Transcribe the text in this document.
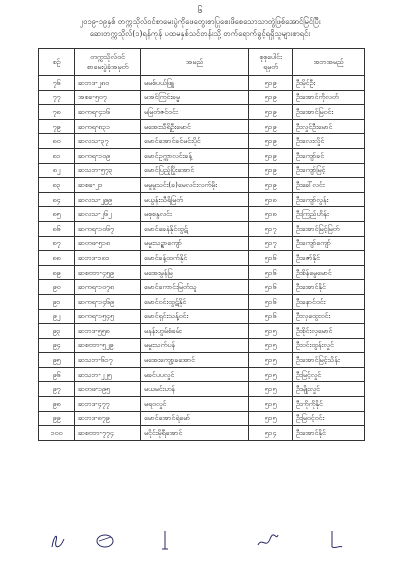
၆
၂၀၁၉-၁၉နှစ် တက္ကသိုလ်ဝင်စာမေးပွဲကိုဖေတွေးစာပြုစေးဖိစေသောသာတွဲဖြစ်အောင်မြင်ပြီး
ဆေးတက္ကသိုလ်(၁)ရန်ကုန် ပထမနှစ်သင်တန်းသို့ တက်ရောက်ခွင့်ရရှိသူများစာရင်း
စဉ်	တက္ကသိုလ်ဝင်
စာမေးပွဲခုံအမှတ်	အမည်	စုစုပေါင်း
ရမှတ်	အဘအမည်
၇၆	ဆဘဒ-၂၈၀	မမစ်ပယ်ဖြူ	၅၁၉	ဦးမိုင်ဦး
၇၇	အစခ-၅၀၇	မအင်ကြင်းခမ္မ	၅၁၉	ဦးအောင်ကိုလတ်
၇၈	ဆကရ-၄၁၆	မမြတ်ဇင်ဝင်း	၅၁၉	ဦးအောင်မြဝင်း
၇၉	ဆကရ-၈၃၁	မအေးသီရိဦးမောင်	၅၁၉	ဦးလှုင်ဦးမောင်
၈၀	ဆလသ-၃၇	မောင်အောင်ခင်မင်းပိုင်	၅၁၉	ဦးလေးလှိုင်
၈၁	ဆကရ-၁၀၉	မောင်ဥက္ကာလင်းခန့်	၅၁၉	ဦးကျော်ခင်
၈၂	ဆသဘ-၅၇၃	မောင်ပြည့်ပြိုးအောင်	၅၁၉	ဦးကျော်မြင့်
၈၃	ဆစခ-၂၁	မမူမူသင်း(ခ)မေလင်းလက်မိုး	၅၁၉	ဦးခေါ်လင်း
၈၄	ဆလသ-၂၉၉	မယွန်းသီရိမြတ်	၅၁၈	ဦးကျော်လွန်း
၈၅	ဆလသ-၂၆၂	မစုစန္ဒလင်း	၅၁၈	ဦးကြည်ဟိန်း
၈၆	ဆကရ-၁၀၆၇	မောင်ခေနဲနိုင်ထွဋ်	၅၁၇	ဦးအောင်မြင့်မြတ်
၈၇	ဆတဖ-၅၁၈	မမှုးသဥ္စာကျော်	၅၁၇	ဦးကျော်ကျော်
၈၈	ဆဘဒ-၁၈၁	မောင်ခန့်ထက်နိုင်	၅၁၆	ဦးဇော်နိုင်
၈၉	ဆစဗဘ-၄၅၉	မအေးမွန်မြ	၅၁၆	ဦးစိန်မွေမောင်
၉၀	ဆကရ-၁၀၇၈	မောင်ကောင်းမြတ်သူ	၅၁၆	ဦးအောင်နိုင်
၉၁	ဆကရ-၁၄၆၉	မောင်ဝင်းထွဋ်နိုင်	၅၁၆	ဦးနောင်ဝင်း
၉၂	ဆကရ-၁၅၄၅	မောင်ရှင်းသန့်ဝင်း	၅၁၆	ဦးလှထွေးဝင်း
၉၃	ဆဘဒ-၅၅၈	မနန်းဟွမ်စံခမ်း	၅၁၅	ဦးစိုင်းလှမောင်
၉၄	ဆစဗဘ-၅၂၉	မမှုးသက်ပန်	၅၁၅	ဦးဝင်းထွန်းလှုင်
၉၅	ဆသဘ-၆၁၇	မအေးကျော့ခအောင်	၅၁၅	ဦးအောင်မြင့်သိန်း
၉၆	ဆသဘ-၂၂၅	မခင်ပပလှုင်	၅၁၅	ဦးမြင့်လှုင်
၉၇	ဆတဖ-၁၉၅	မယမင်းဟန်	၅၁၅	ဦးမျိုးလှုင်
၉၈	ဆဘဒ-၄၇၇	မရဝလှုင်	၅၁၅	ဦးကိုကိုနိုင်
၉၉	ဆဘဒ-၈၇၉	မောင်အောင်ရဲမော်	၅၁၅	ဦးမြဝင့်ဝင်း
၁၀၀	ဆစဗဘ-၇၇၄	မငိုင်းမိုရီအောင်	၅၁၄	ဦးအောင်နိုင်
